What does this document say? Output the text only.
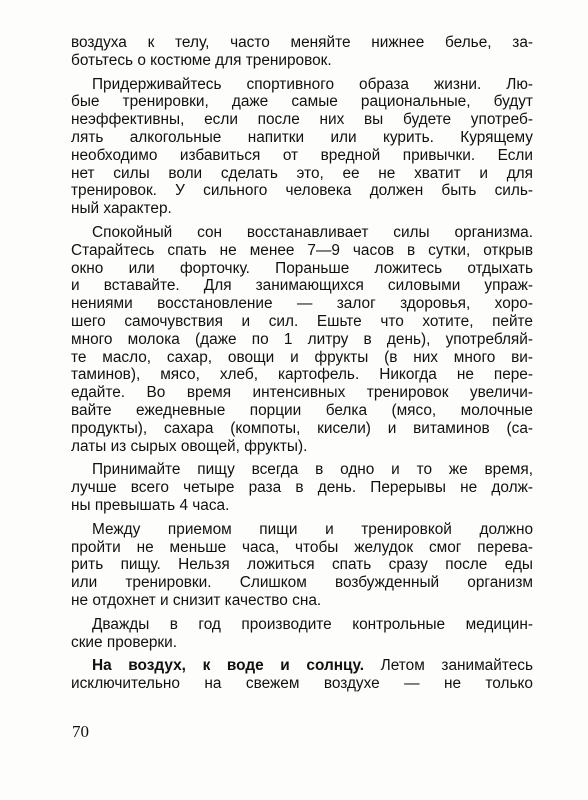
воздуха к телу, часто меняйте нижнее белье, за-
ботьтесь о костюме для тренировок.

Придерживайтесь спортивного образа жизни. Лю-
бые тренировки, даже самые рациональные, будут
неэффективны, если после них вы будете употреб-
лять алкогольные напитки или курить. Курящему
необходимо избавиться от вредной привычки. Если
нет силы воли сделать это, ее не хватит и для
тренировок. У сильного человека должен быть силь-
ный характер.

Спокойный сон восстанавливает силы организма.
Старайтесь спать не менее 7—9 часов в сутки, открыв
окно или форточку. Пораньше ложитесь отдыхать
и вставайте. Для занимающихся силовыми упраж-
нениями восстановление — залог здоровья, хоро-
шего самочувствия и сил. Ешьте что хотите, пейте
много молока (даже по 1 литру в день), употребляй-
те масло, сахар, овощи и фрукты (в них много ви-
таминов), мясо, хлеб, картофель. Никогда не пере-
едайте. Во время интенсивных тренировок увеличи-
вайте ежедневные порции белка (мясо, молочные
продукты), сахара (компоты, кисели) и витаминов (са-
латы из сырых овощей, фрукты).

Принимайте пищу всегда в одно и то же время,
лучше всего четыре раза в день. Перерывы не долж-
ны превышать 4 часа.

Между приемом пищи и тренировкой должно
пройти не меньше часа, чтобы желудок смог перева-
рить пищу. Нельзя ложиться спать сразу после еды
или тренировки. Слишком возбужденный организм
не отдохнет и снизит качество сна.

Дважды в год производите контрольные медицин-
ские проверки.

На воздух, к воде и солнцу. Летом занимайтесь
исключительно на свежем воздухе — не только

70
